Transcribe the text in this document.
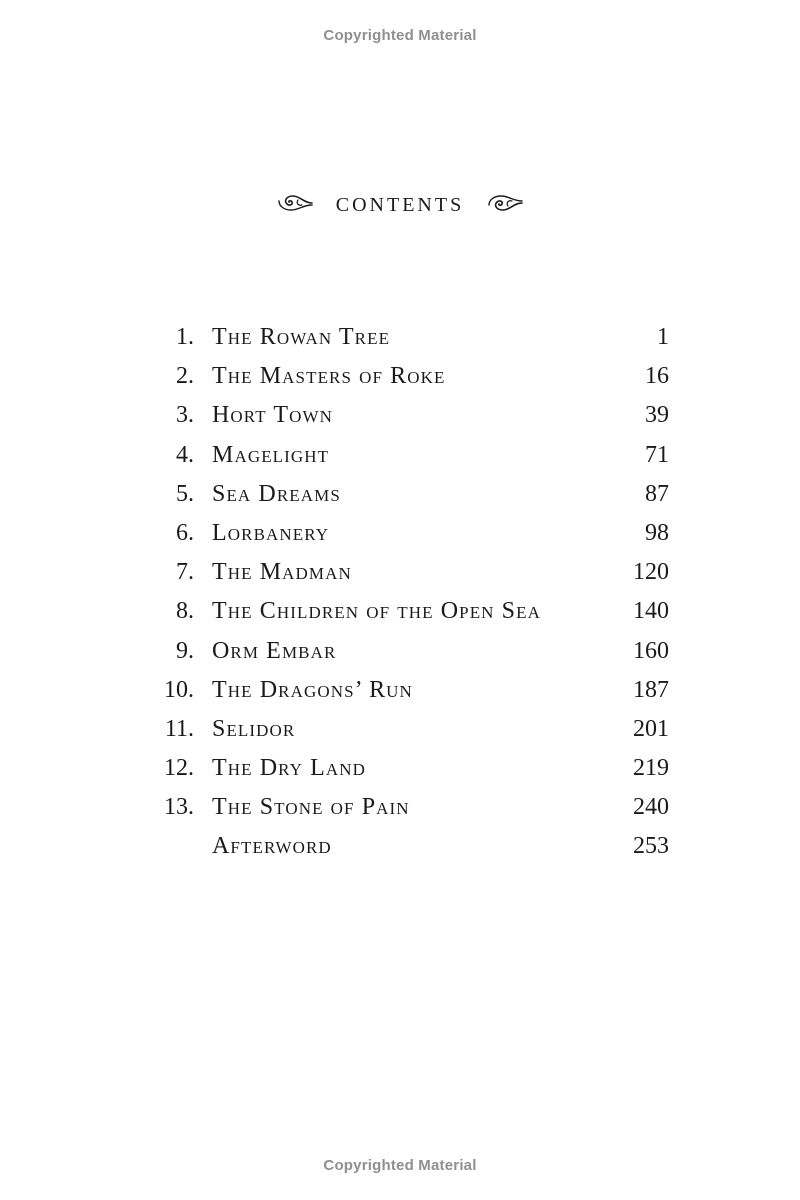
Copyrighted Material
contents
1. The Rowan Tree	1
2. The Masters of Roke	16
3. Hort Town	39
4. Magelight	71
5. Sea Dreams	87
6. Lorbanery	98
7. The Madman	120
8. The Children of the Open Sea	140
9. Orm Embar	160
10. The Dragons’ Run	187
11. Selidor	201
12. The Dry Land	219
13. The Stone of Pain	240
Afterword	253
Copyrighted Material
